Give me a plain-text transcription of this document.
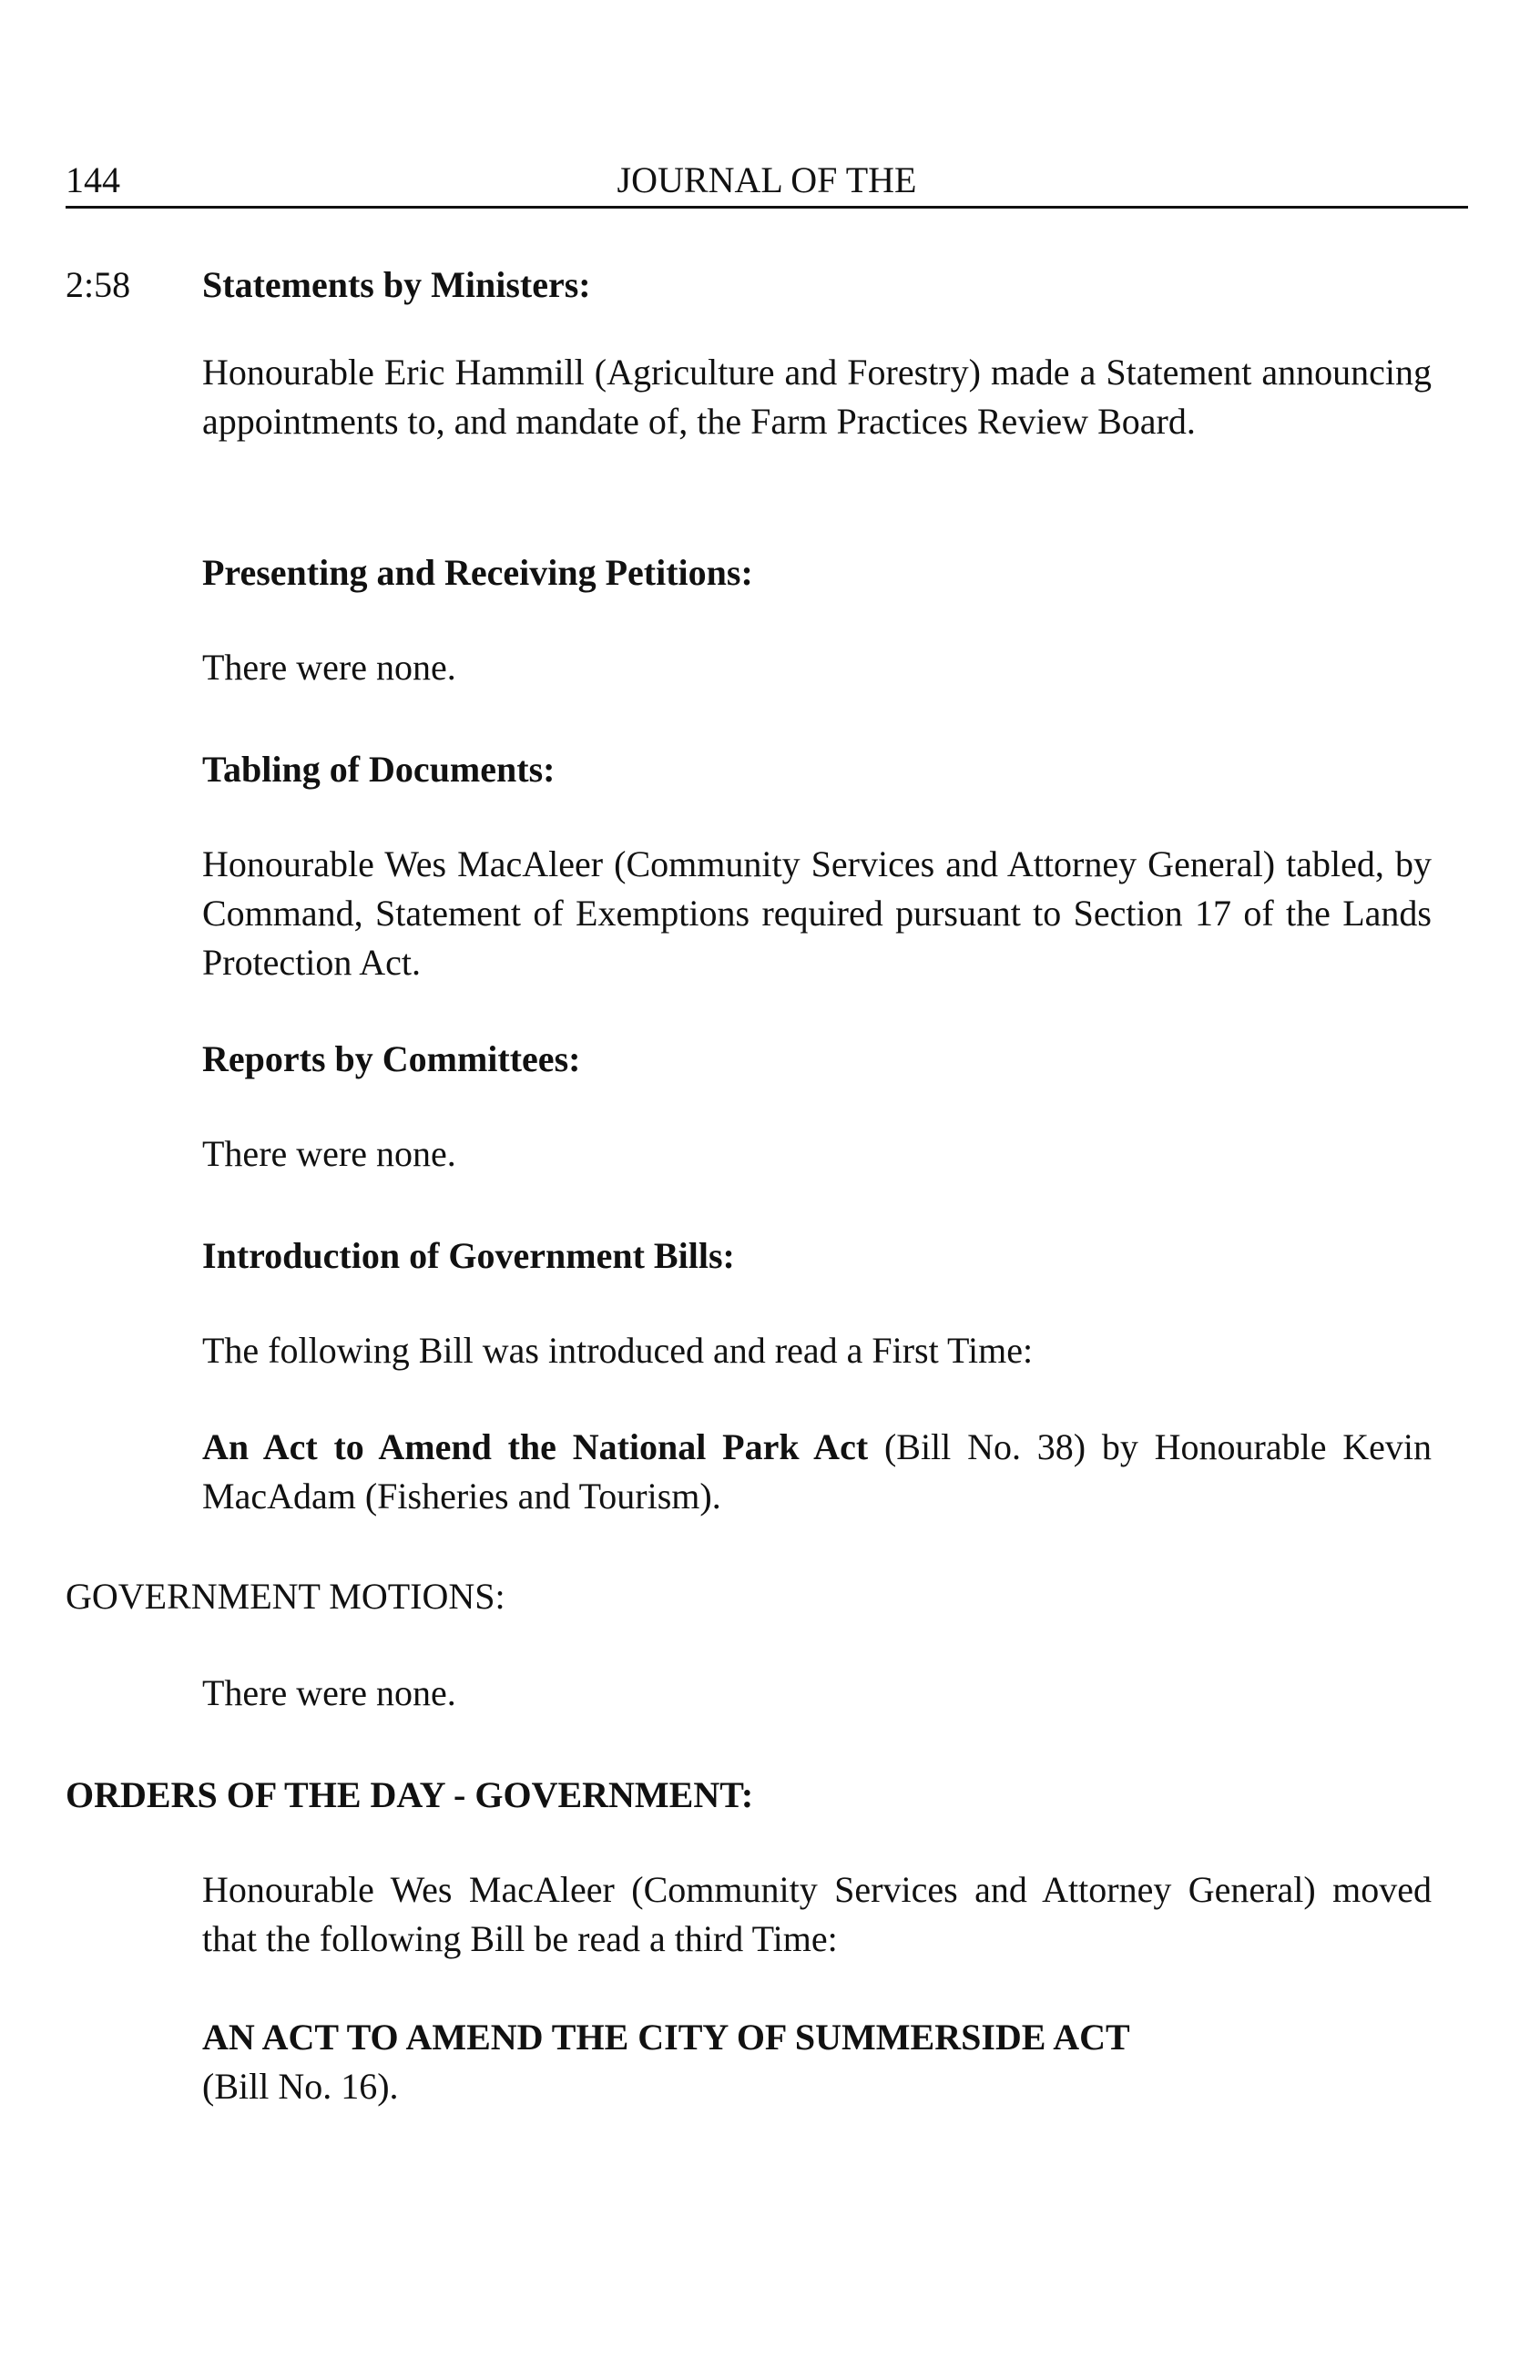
144	JOURNAL OF THE
2:58 Statements by Ministers:
Honourable Eric Hammill (Agriculture and Forestry) made a Statement announcing appointments to, and mandate of, the Farm Practices Review Board.
Presenting and Receiving Petitions:
There were none.
Tabling of Documents:
Honourable Wes MacAleer (Community Services and Attorney General) tabled, by Command, Statement of Exemptions required pursuant to Section 17 of the Lands Protection Act.
Reports by Committees:
There were none.
Introduction of Government Bills:
The following Bill was introduced and read a First Time:
An Act to Amend the National Park Act (Bill No. 38) by Honourable Kevin MacAdam (Fisheries and Tourism).
GOVERNMENT MOTIONS:
There were none.
ORDERS OF THE DAY - GOVERNMENT:
Honourable Wes MacAleer (Community Services and Attorney General) moved that the following Bill be read a third Time:
AN ACT TO AMEND THE CITY OF SUMMERSIDE ACT
(Bill No. 16).
